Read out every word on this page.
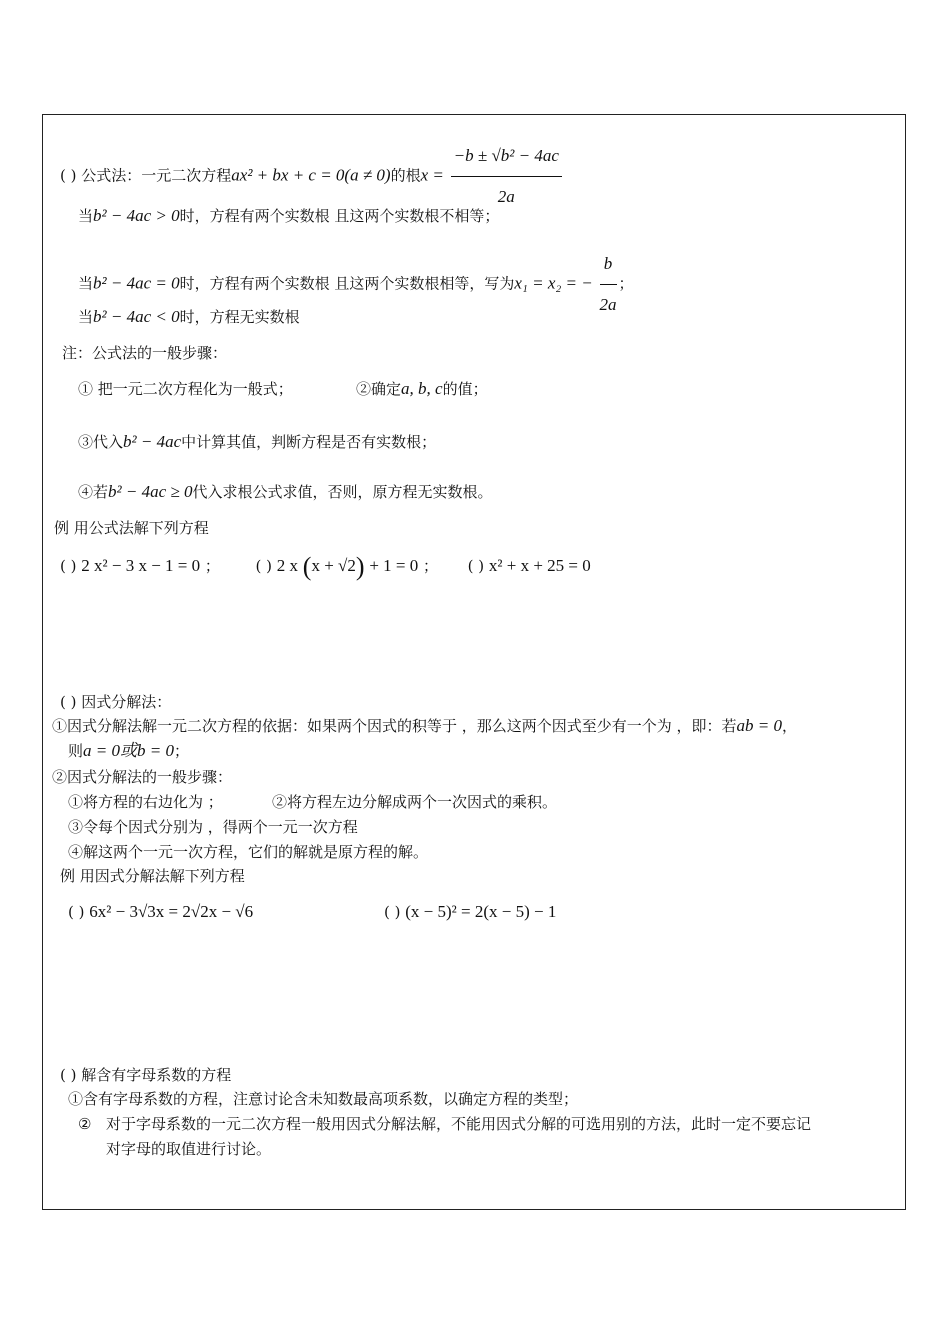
( ) 公式法：一元二次方程ax² + bx + c = 0(a ≠ 0)的根$x = \frac{\text{−b ± √b² − 4ac}}{2a}$
当b² − 4ac > 0时，方程有两个实数根 且这两个实数根不相等；
当b² − 4ac = 0时，方程有两个实数根 且这两个实数根相等，写为x₁ = x₂ = − $\frac{b}{2a}$ ；
当b² − 4ac < 0时，方程无实数根
注：公式法的一般步骤：
① 把一元二次方程化为一般式；	②确定a, b, c的值；
③代入b² − 4ac中计算其值，判断方程是否有实数根；
④若b² − 4ac ≥ 0代入求根公式求值，否则，原方程无实数根。
例 用公式法解下列方程
( ) 2 x² − 3 x − 1 = 0 ； ( ) 2 x (x + √2) + 1 = 0 ； ( ) x² + x + 25 = 0
( ) 因式分解法：
①因式分解法解一元二次方程的依据：如果两个因式的积等于 ，那么这两个因式至少有一个为 ，即：若ab = 0，
则a = 0或b = 0；
②因式分解法的一般步骤：
①将方程的右边化为 ；	②将方程左边分解成两个一次因式的乘积。
③令每个因式分别为 ，得两个一元一次方程
④解这两个一元一次方程，它们的解就是原方程的解。
例 用因式分解法解下列方程
( ) 6x² − 3√3x = 2√2x − √6	( ) (x − 5)² = 2(x − 5) − 1
( ) 解含有字母系数的方程
①含有字母系数的方程，注意讨论含未知数最高项系数，以确定方程的类型；
② 对于字母系数的一元二次方程一般用因式分解法解，不能用因式分解的可选用别的方法，此时一定不要忘记
对字母的取值进行讨论。
